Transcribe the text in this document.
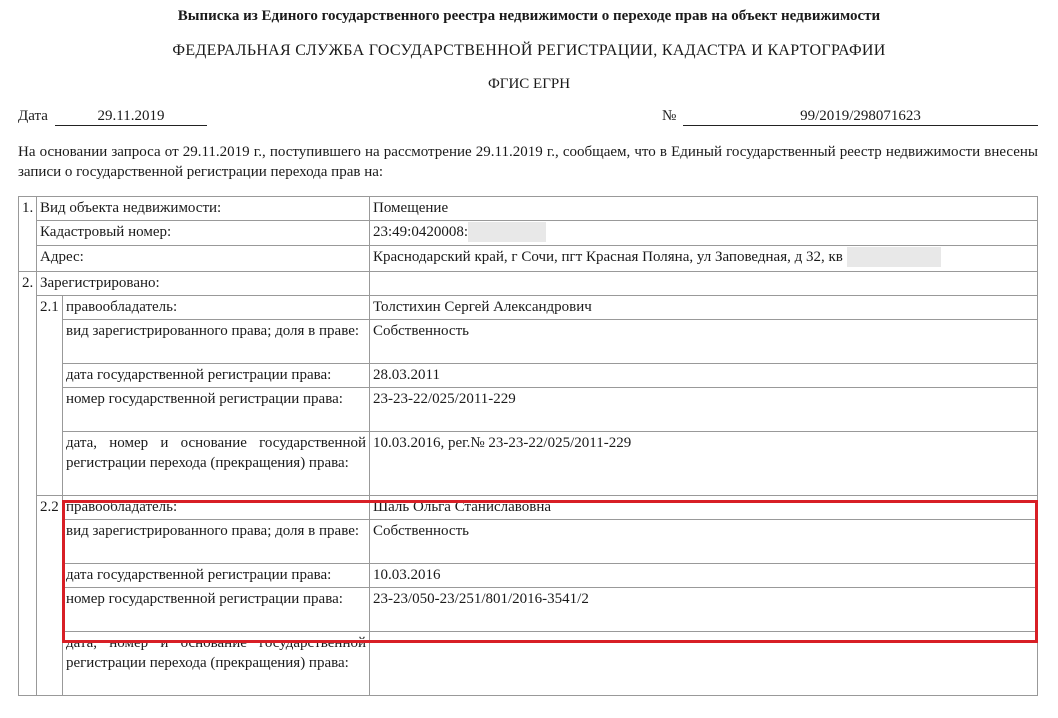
Выписка из Единого государственного реестра недвижимости о переходе прав на объект недвижимости
ФЕДЕРАЛЬНАЯ СЛУЖБА ГОСУДАРСТВЕННОЙ РЕГИСТРАЦИИ, КАДАСТРА И КАРТОГРАФИИ
ФГИС ЕГРН
Дата	29.11.2019	№	99/2019/298071623
На основании запроса от 29.11.2019 г., поступившего на рассмотрение 29.11.2019 г., сообщаем, что в Единый государственный реестр недвижимости внесены записи о государственной регистрации перехода прав на:
1.	Вид объекта недвижимости:		Помещение
	Кадастровый номер:		23:49:0420008:
	Адрес:		Краснодарский край, г Сочи, пгт Красная Поляна, ул Заповедная, д 32, кв
2.	Зарегистрировано:		
	2.1	правообладатель:	Толстихин Сергей Александрович
		вид зарегистрированного права; доля в праве:	Собственность
		дата государственной регистрации права:	28.03.2011
		номер государственной регистрации права:	23-23-22/025/2011-229
		дата, номер и основание государственной регистрации перехода (прекращения) права:	10.03.2016, рег.№ 23-23-22/025/2011-229
	2.2	правообладатель:	Шаль Ольга Станиславовна
		вид зарегистрированного права; доля в праве:	Собственность
		дата государственной регистрации права:	10.03.2016
		номер государственной регистрации права:	23-23/050-23/251/801/2016-3541/2
		дата, номер и основание государственной регистрации перехода (прекращения) права:	
